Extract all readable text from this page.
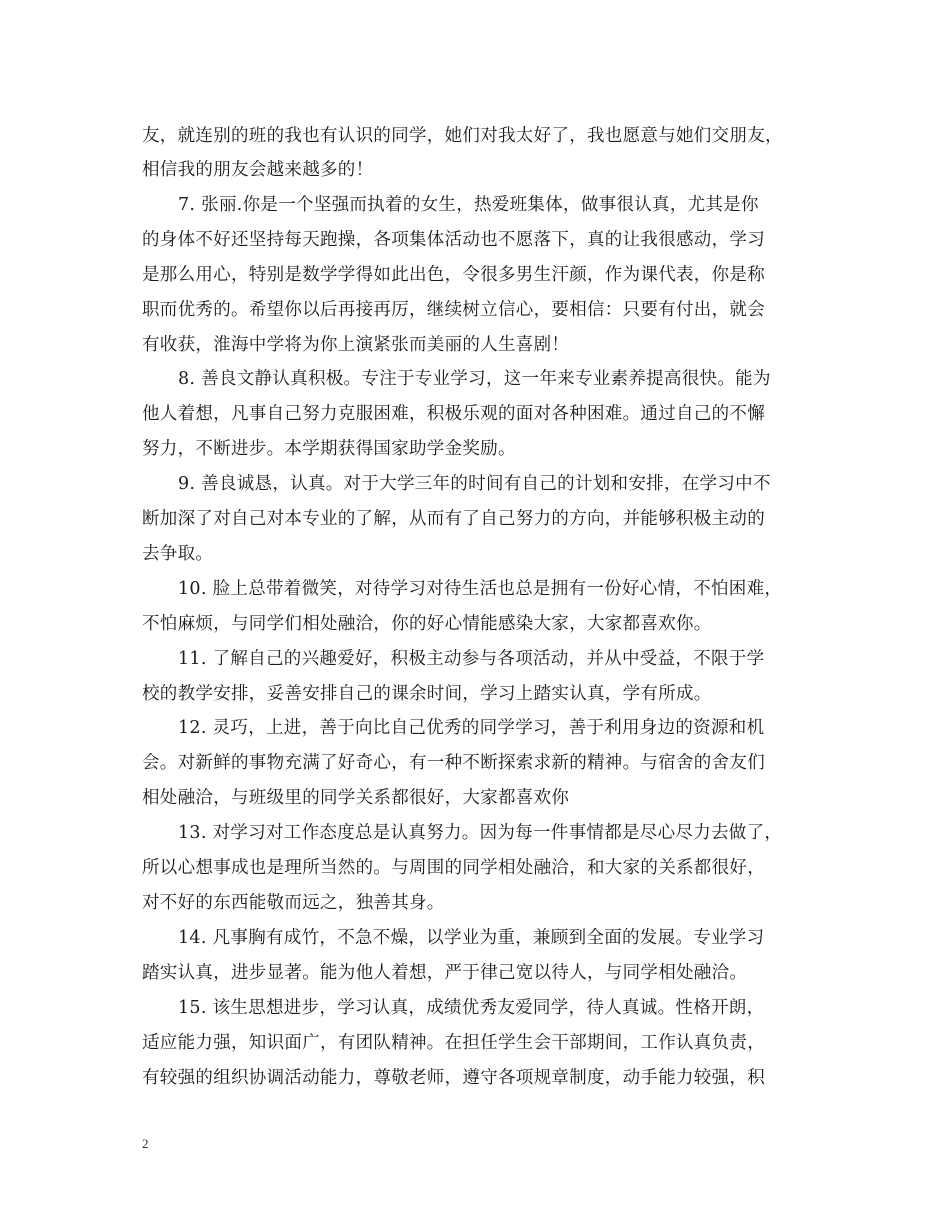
友，就连别的班的我也有认识的同学，她们对我太好了，我也愿意与她们交朋友，
相信我的朋友会越来越多的！
7. 张丽.你是一个坚强而执着的女生，热爱班集体，做事很认真，尤其是你
的身体不好还坚持每天跑操，各项集体活动也不愿落下，真的让我很感动，学习
是那么用心，特别是数学学得如此出色，令很多男生汗颜，作为课代表，你是称
职而优秀的。希望你以后再接再厉，继续树立信心，要相信：只要有付出，就会
有收获，淮海中学将为你上演紧张而美丽的人生喜剧！
8. 善良文静认真积极。专注于专业学习，这一年来专业素养提高很快。能为
他人着想，凡事自己努力克服困难，积极乐观的面对各种困难。通过自己的不懈
努力，不断进步。本学期获得国家助学金奖励。
9. 善良诚恳，认真。对于大学三年的时间有自己的计划和安排，在学习中不
断加深了对自己对本专业的了解，从而有了自己努力的方向，并能够积极主动的
去争取。
10. 脸上总带着微笑，对待学习对待生活也总是拥有一份好心情，不怕困难，
不怕麻烦，与同学们相处融洽，你的好心情能感染大家，大家都喜欢你。
11. 了解自己的兴趣爱好，积极主动参与各项活动，并从中受益，不限于学
校的教学安排，妥善安排自己的课余时间，学习上踏实认真，学有所成。
12. 灵巧，上进，善于向比自己优秀的同学学习，善于利用身边的资源和机
会。对新鲜的事物充满了好奇心，有一种不断探索求新的精神。与宿舍的舍友们
相处融洽，与班级里的同学关系都很好，大家都喜欢你
13. 对学习对工作态度总是认真努力。因为每一件事情都是尽心尽力去做了，
所以心想事成也是理所当然的。与周围的同学相处融洽，和大家的关系都很好，
对不好的东西能敬而远之，独善其身。
14. 凡事胸有成竹，不急不燥，以学业为重，兼顾到全面的发展。专业学习
踏实认真，进步显著。能为他人着想，严于律己宽以待人，与同学相处融洽。
15. 该生思想进步，学习认真，成绩优秀友爱同学，待人真诚。性格开朗，
适应能力强，知识面广，有团队精神。在担任学生会干部期间，工作认真负责，
有较强的组织协调活动能力，尊敬老师，遵守各项规章制度，动手能力较强，积
2
